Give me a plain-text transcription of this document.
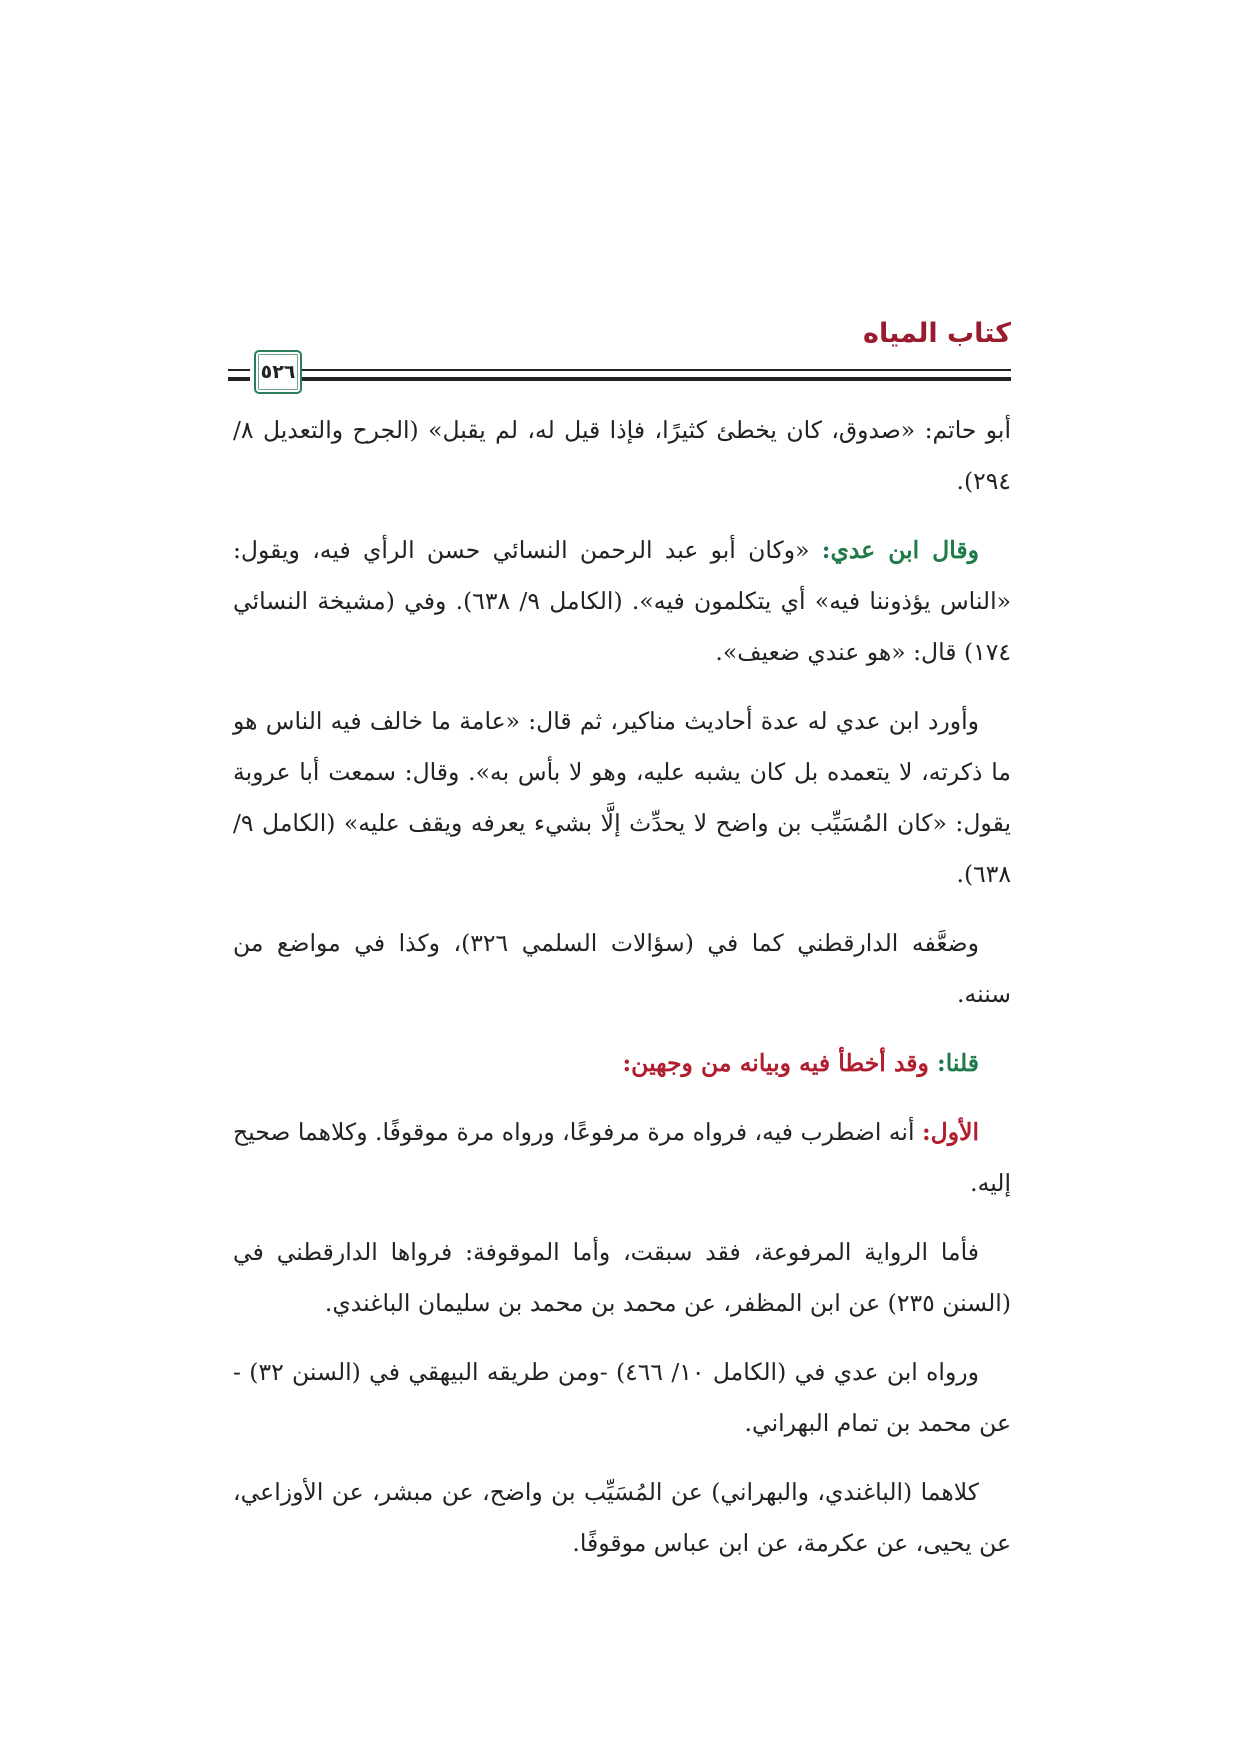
كتاب المياه
٥٢٦

أبو حاتم: «صدوق، كان يخطئ كثيرًا، فإذا قيل له، لم يقبل» (الجرح والتعديل ٨/ ٢٩٤).

وقال ابن عدي: «وكان أبو عبد الرحمن النسائي حسن الرأي فيه، ويقول: «الناس يؤذوننا فيه» أي يتكلمون فيه». (الكامل ٩/ ٦٣٨). وفي (مشيخة النسائي ١٧٤) قال: «هو عندي ضعيف».

وأورد ابن عدي له عدة أحاديث مناكير، ثم قال: «عامة ما خالف فيه الناس هو ما ذكرته، لا يتعمده بل كان يشبه عليه، وهو لا بأس به». وقال: سمعت أبا عروبة يقول: «كان المُسَيِّب بن واضح لا يحدِّث إلَّا بشيء يعرفه ويقف عليه» (الكامل ٩/ ٦٣٨).

وضعَّفه الدارقطني كما في (سؤالات السلمي ٣٢٦)، وكذا في مواضع من سننه.

قلنا: وقد أخطأ فيه وبيانه من وجهين:

الأول: أنه اضطرب فيه، فرواه مرة مرفوعًا، ورواه مرة موقوفًا. وكلاهما صحيح إليه.

فأما الرواية المرفوعة، فقد سبقت، وأما الموقوفة: فرواها الدارقطني في (السنن ٢٣٥) عن ابن المظفر، عن محمد بن محمد بن سليمان الباغندي.

ورواه ابن عدي في (الكامل ١٠/ ٤٦٦) -ومن طريقه البيهقي في (السنن ٣٢) - عن محمد بن تمام البهراني.

كلاهما (الباغندي، والبهراني) عن المُسَيِّب بن واضح، عن مبشر، عن الأوزاعي، عن يحيى، عن عكرمة، عن ابن عباس موقوفًا.
